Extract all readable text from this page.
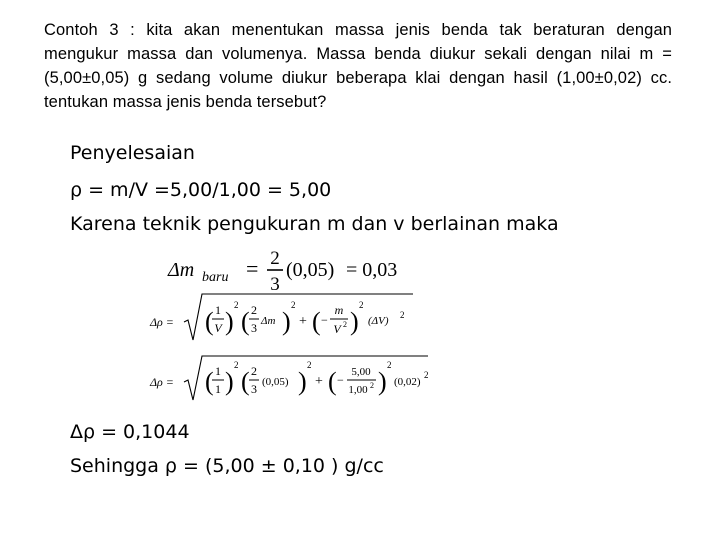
Contoh 3 : kita akan menentukan massa jenis benda tak beraturan dengan mengukur massa dan volumenya. Massa benda diukur sekali dengan nilai m = (5,00±0,05) g sedang volume diukur beberapa klai dengan hasil (1,00±0,02) cc. tentukan massa jenis benda tersebut?
Penyelesaian
ρ = m/V =5,00/1,00 = 5,00
Karena teknik pengukuran m dan v berlainan maka
Δm baru = 2
3
(0,05) = 0,03
Δρ = ( 1
V )
2
( 2
3 Δm )
2
+ ( −
m
V 2 )
2
(ΔV) 2
Δρ = ( 1
1 )
2
( 2
3 (0,05) )
2
+ ( −
5,00
1,00 2 )
2
(0,02)
2
Δρ = 0,1044
Sehingga ρ = (5,00 ± 0,10 ) g/cc
